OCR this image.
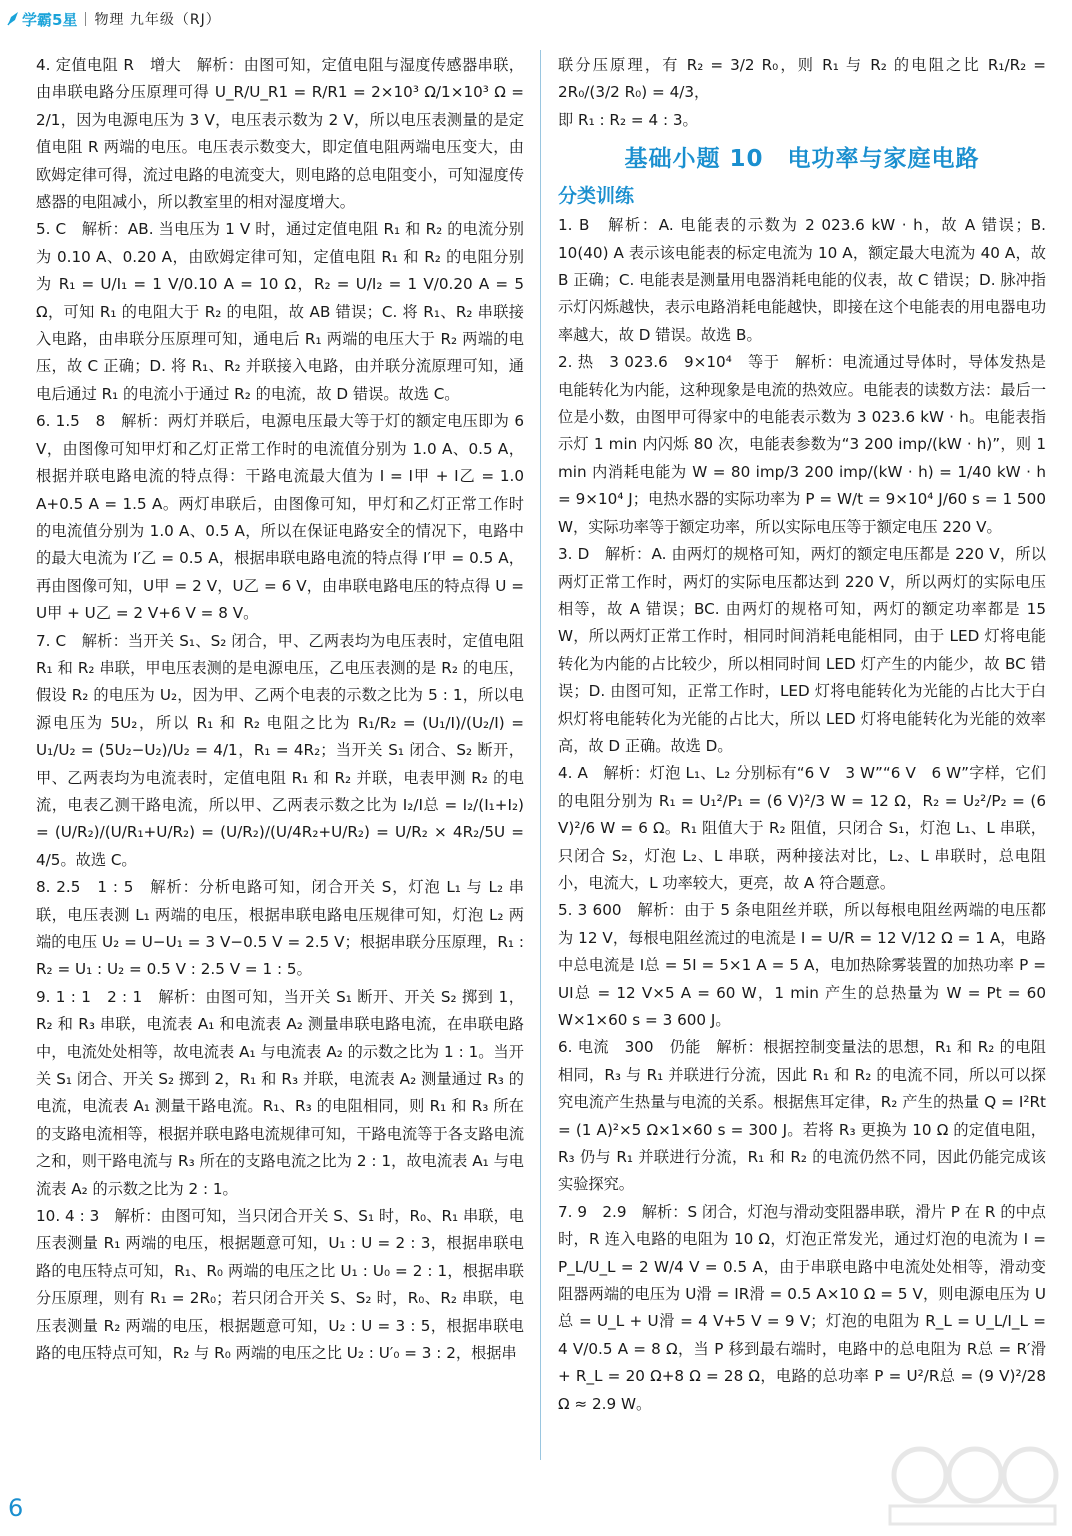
学霸5星 物理 九年级（RJ）

4. 定值电阻 R　增大　解析：由图可知，定值电阻与湿度传感器串联，由串联电路分压原理可得 U_R/U_R1 = R/R1 = 2×10³ Ω/1×10³ Ω = 2/1，因为电源电压为 3 V，电压表示数为 2 V，所以电压表测量的是定值电阻 R 两端的电压。电压表示数变大，即定值电阻两端电压变大，由欧姆定律可得，流过电路的电流变大，则电路的总电阻变小，可知湿度传感器的电阻减小，所以教室里的相对湿度增大。

5. C　解析：AB. 当电压为 1 V 时，通过定值电阻 R₁ 和 R₂ 的电流分别为 0.10 A、0.20 A，由欧姆定律可知，定值电阻 R₁ 和 R₂ 的电阻分别为 R₁ = U/I₁ = 1 V/0.10 A = 10 Ω，R₂ = U/I₂ = 1 V/0.20 A = 5 Ω，可知 R₁ 的电阻大于 R₂ 的电阻，故 AB 错误；C. 将 R₁、R₂ 串联接入电路，由串联分压原理可知，通电后 R₁ 两端的电压大于 R₂ 两端的电压，故 C 正确；D. 将 R₁、R₂ 并联接入电路，由并联分流原理可知，通电后通过 R₁ 的电流小于通过 R₂ 的电流，故 D 错误。故选 C。

6. 1.5　8　解析：两灯并联后，电源电压最大等于灯的额定电压即为 6 V，由图像可知甲灯和乙灯正常工作时的电流值分别为 1.0 A、0.5 A，根据并联电路电流的特点得：干路电流最大值为 I = I甲 + I乙 = 1.0 A+0.5 A = 1.5 A。两灯串联后，由图像可知，甲灯和乙灯正常工作时的电流值分别为 1.0 A、0.5 A，所以在保证电路安全的情况下，电路中的最大电流为 I′乙 = 0.5 A，根据串联电路电流的特点得 I′甲 = 0.5 A，再由图像可知，U甲 = 2 V，U乙 = 6 V，由串联电路电压的特点得 U = U甲 + U乙 = 2 V+6 V = 8 V。

7. C　解析：当开关 S₁、S₂ 闭合，甲、乙两表均为电压表时，定值电阻 R₁ 和 R₂ 串联，甲电压表测的是电源电压，乙电压表测的是 R₂ 的电压，假设 R₂ 的电压为 U₂，因为甲、乙两个电表的示数之比为 5 : 1，所以电源电压为 5U₂，所以 R₁ 和 R₂ 电阻之比为 R₁/R₂ = (U₁/I)/(U₂/I) = U₁/U₂ = (5U₂−U₂)/U₂ = 4/1，R₁ = 4R₂；当开关 S₁ 闭合、S₂ 断开，甲、乙两表均为电流表时，定值电阻 R₁ 和 R₂ 并联，电表甲测 R₂ 的电流，电表乙测干路电流，所以甲、乙两表示数之比为 I₂/I总 = I₂/(I₁+I₂) = (U/R₂)/(U/R₁+U/R₂) = (U/R₂)/(U/4R₂+U/R₂) = U/R₂ × 4R₂/5U = 4/5。故选 C。

8. 2.5　1 : 5　解析：分析电路可知，闭合开关 S，灯泡 L₁ 与 L₂ 串联，电压表测 L₁ 两端的电压，根据串联电路电压规律可知，灯泡 L₂ 两端的电压 U₂ = U−U₁ = 3 V−0.5 V = 2.5 V；根据串联分压原理，R₁ : R₂ = U₁ : U₂ = 0.5 V : 2.5 V = 1 : 5。

9. 1 : 1　2 : 1　解析：由图可知，当开关 S₁ 断开、开关 S₂ 掷到 1，R₂ 和 R₃ 串联，电流表 A₁ 和电流表 A₂ 测量串联电路电流，在串联电路中，电流处处相等，故电流表 A₁ 与电流表 A₂ 的示数之比为 1 : 1。当开关 S₁ 闭合、开关 S₂ 掷到 2，R₁ 和 R₃ 并联，电流表 A₂ 测量通过 R₃ 的电流，电流表 A₁ 测量干路电流。R₁、R₃ 的电阻相同，则 R₁ 和 R₃ 所在的支路电流相等，根据并联电路电流规律可知，干路电流等于各支路电流之和，则干路电流与 R₃ 所在的支路电流之比为 2 : 1，故电流表 A₁ 与电流表 A₂ 的示数之比为 2 : 1。

10. 4 : 3　解析：由图可知，当只闭合开关 S、S₁ 时，R₀、R₁ 串联，电压表测量 R₁ 两端的电压，根据题意可知，U₁ : U = 2 : 3，根据串联电路的电压特点可知，R₁、R₀ 两端的电压之比 U₁ : U₀ = 2 : 1，根据串联分压原理，则有 R₁ = 2R₀；若只闭合开关 S、S₂ 时，R₀、R₂ 串联，电压表测量 R₂ 两端的电压，根据题意可知，U₂ : U = 3 : 5，根据串联电路的电压特点可知，R₂ 与 R₀ 两端的电压之比 U₂ : U′₀ = 3 : 2，根据串

联分压原理，有 R₂ = 3/2 R₀，则 R₁ 与 R₂ 的电阻之比 R₁/R₂ = 2R₀/(3/2 R₀) = 4/3，

即 R₁ : R₂ = 4 : 3。

基础小题 10　电功率与家庭电路
分类训练

1. B　解析：A. 电能表的示数为 2 023.6 kW · h，故 A 错误；B. 10(40) A 表示该电能表的标定电流为 10 A，额定最大电流为 40 A，故 B 正确；C. 电能表是测量用电器消耗电能的仪表，故 C 错误；D. 脉冲指示灯闪烁越快，表示电路消耗电能越快，即接在这个电能表的用电器电功率越大，故 D 错误。故选 B。

2. 热　3 023.6　9×10⁴　等于　解析：电流通过导体时，导体发热是电能转化为内能，这种现象是电流的热效应。电能表的读数方法：最后一位是小数，由图甲可得家中的电能表示数为 3 023.6 kW · h。电能表指示灯 1 min 内闪烁 80 次，电能表参数为“3 200 imp/(kW · h)”，则 1 min 内消耗电能为 W = 80 imp/3 200 imp/(kW · h) = 1/40 kW · h = 9×10⁴ J；电热水器的实际功率为 P = W/t = 9×10⁴ J/60 s = 1 500 W，实际功率等于额定功率，所以实际电压等于额定电压 220 V。

3. D　解析：A. 由两灯的规格可知，两灯的额定电压都是 220 V，所以两灯正常工作时，两灯的实际电压都达到 220 V，所以两灯的实际电压相等，故 A 错误；BC. 由两灯的规格可知，两灯的额定功率都是 15 W，所以两灯正常工作时，相同时间消耗电能相同，由于 LED 灯将电能转化为内能的占比较少，所以相同时间 LED 灯产生的内能少，故 BC 错误；D. 由图可知，正常工作时，LED 灯将电能转化为光能的占比大于白炽灯将电能转化为光能的占比大，所以 LED 灯将电能转化为光能的效率高，故 D 正确。故选 D。

4. A　解析：灯泡 L₁、L₂ 分别标有“6 V　3 W”“6 V　6 W”字样，它们的电阻分别为 R₁ = U₁²/P₁ = (6 V)²/3 W = 12 Ω，R₂ = U₂²/P₂ = (6 V)²/6 W = 6 Ω。R₁ 阻值大于 R₂ 阻值，只闭合 S₁，灯泡 L₁、L 串联，只闭合 S₂，灯泡 L₂、L 串联，两种接法对比，L₂、L 串联时，总电阻小，电流大，L 功率较大，更亮，故 A 符合题意。

5. 3 600　解析：由于 5 条电阻丝并联，所以每根电阻丝两端的电压都为 12 V，每根电阻丝流过的电流是 I = U/R = 12 V/12 Ω = 1 A，电路中总电流是 I总 = 5I = 5×1 A = 5 A，电加热除雾装置的加热功率 P = UI总 = 12 V×5 A = 60 W，1 min 产生的总热量为 W = Pt = 60 W×1×60 s = 3 600 J。

6. 电流　300　仍能　解析：根据控制变量法的思想，R₁ 和 R₂ 的电阻相同，R₃ 与 R₁ 并联进行分流，因此 R₁ 和 R₂ 的电流不同，所以可以探究电流产生热量与电流的关系。根据焦耳定律，R₂ 产生的热量 Q = I²Rt = (1 A)²×5 Ω×1×60 s = 300 J。若将 R₃ 更换为 10 Ω 的定值电阻，R₃ 仍与 R₁ 并联进行分流，R₁ 和 R₂ 的电流仍然不同，因此仍能完成该实验探究。

7. 9　2.9　解析：S 闭合，灯泡与滑动变阻器串联，滑片 P 在 R 的中点时，R 连入电路的电阻为 10 Ω，灯泡正常发光，通过灯泡的电流为 I = P_L/U_L = 2 W/4 V = 0.5 A，由于串联电路中电流处处相等，滑动变阻器两端的电压为 U滑 = IR滑 = 0.5 A×10 Ω = 5 V，则电源电压为 U总 = U_L + U滑 = 4 V+5 V = 9 V；灯泡的电阻为 R_L = U_L/I_L = 4 V/0.5 A = 8 Ω，当 P 移到最右端时，电路中的总电阻为 R总 = R′滑 + R_L = 20 Ω+8 Ω = 28 Ω，电路的总功率 P = U²/R总 = (9 V)²/28 Ω ≈ 2.9 W。

6
